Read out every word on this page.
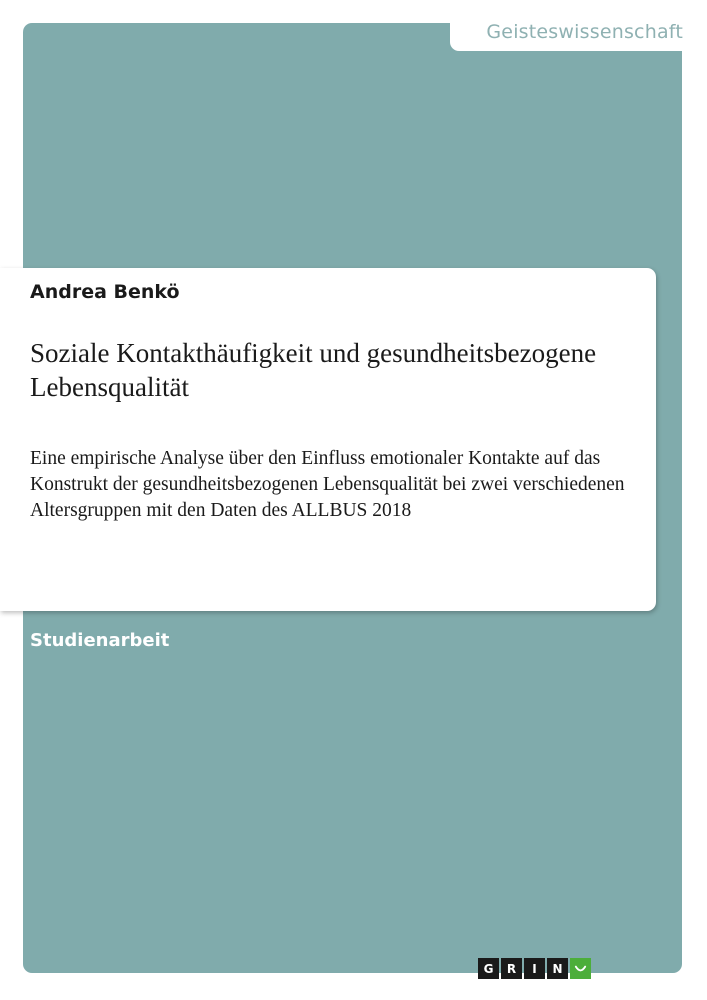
Geisteswissenschaft
Andrea Benkö
Soziale Kontakthäufigkeit und gesundheitsbezogene Lebensqualität
Eine empirische Analyse über den Einfluss emotionaler Kontakte auf das Konstrukt der gesundheitsbezogenen Lebensqualität bei zwei verschiedenen Altersgruppen mit den Daten des ALLBUS 2018
Studienarbeit
G	R	I	N
